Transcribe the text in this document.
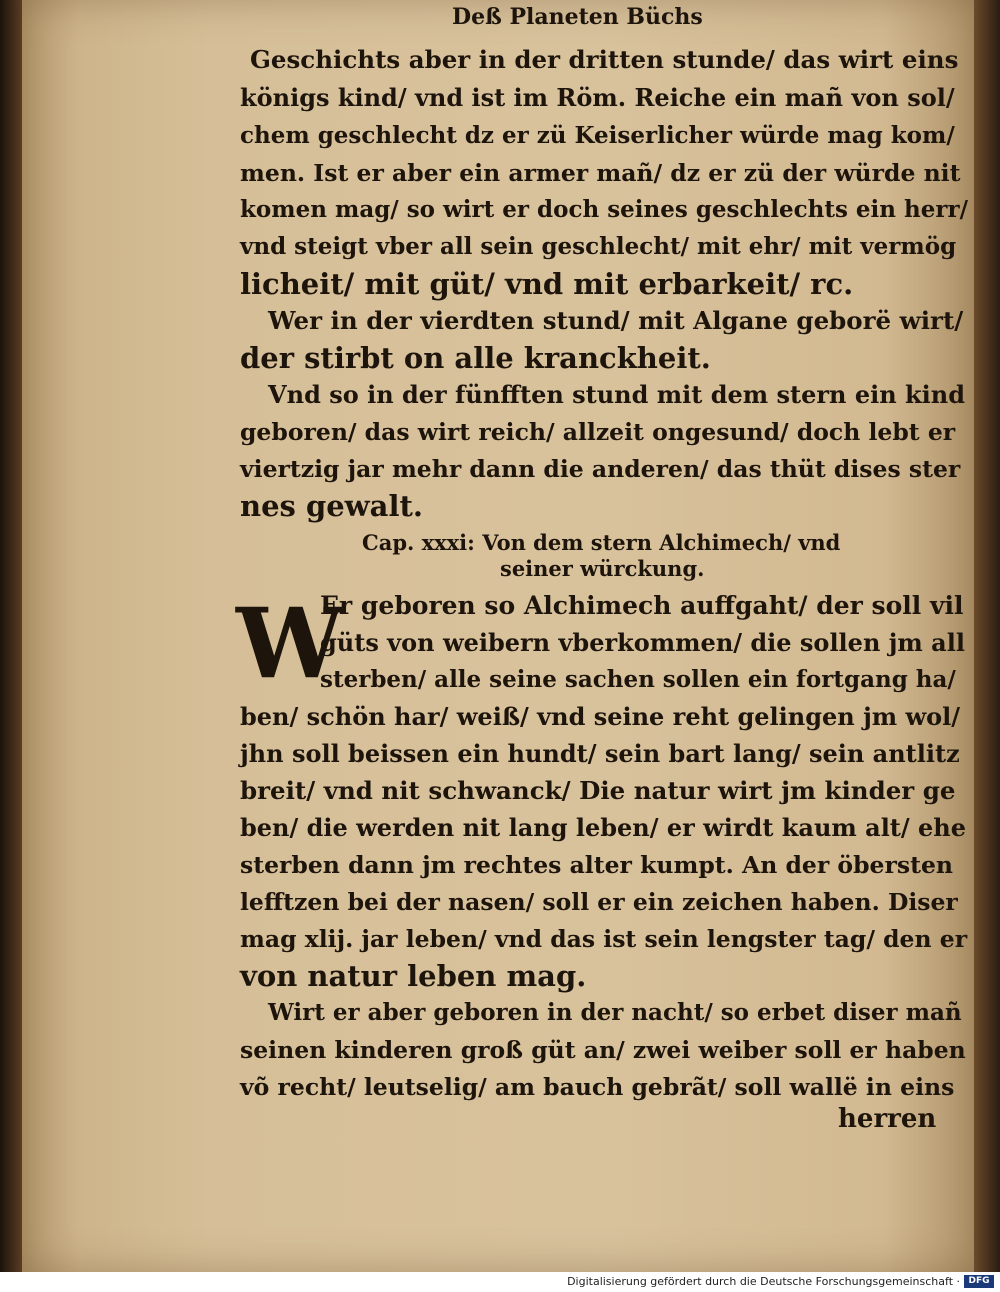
Deß Planeten Büchs
Geschichts aber in der dritten stunde/ das wirt eins
königs kind/ vnd ist im Röm. Reiche ein mañ von sol/
chem geschlecht dz er zü Keiserlicher würde mag kom/
men. Ist er aber ein armer mañ/ dz er zü der würde nit
komen mag/ so wirt er doch seines geschlechts ein herr/
vnd steigt vber all sein geschlecht/ mit ehr/ mit vermög
licheit/ mit güt/ vnd mit erbarkeit/ rc.
Wer in der vierdten stund/ mit Algane geborë wirt/
der stirbt on alle kranckheit.
Vnd so in der fünfften stund mit dem stern ein kind
geboren/ das wirt reich/ allzeit ongesund/ doch lebt er
viertzig jar mehr dann die anderen/ das thüt dises ster
nes gewalt.
Cap. xxxi: Von dem stern Alchimech/ vnd
seiner würckung.
W
Er geboren so Alchimech auffgaht/ der soll vil
güts von weibern vberkommen/ die sollen jm all
sterben/ alle seine sachen sollen ein fortgang ha/
ben/ schön har/ weiß/ vnd seine reht gelingen jm wol/
jhn soll beissen ein hundt/ sein bart lang/ sein antlitz
breit/ vnd nit schwanck/ Die natur wirt jm kinder ge
ben/ die werden nit lang leben/ er wirdt kaum alt/ ehe
sterben dann jm rechtes alter kumpt. An der öbersten
lefftzen bei der nasen/ soll er ein zeichen haben. Diser
mag xlij. jar leben/ vnd das ist sein lengster tag/ den er
von natur leben mag.
Wirt er aber geboren in der nacht/ so erbet diser mañ
seinen kinderen groß güt an/ zwei weiber soll er haben
võ recht/ leutselig/ am bauch gebrãt/ soll wallë in eins
herren
Digitalisierung gefördert durch die Deutsche Forschungsgemeinschaft · DFG
